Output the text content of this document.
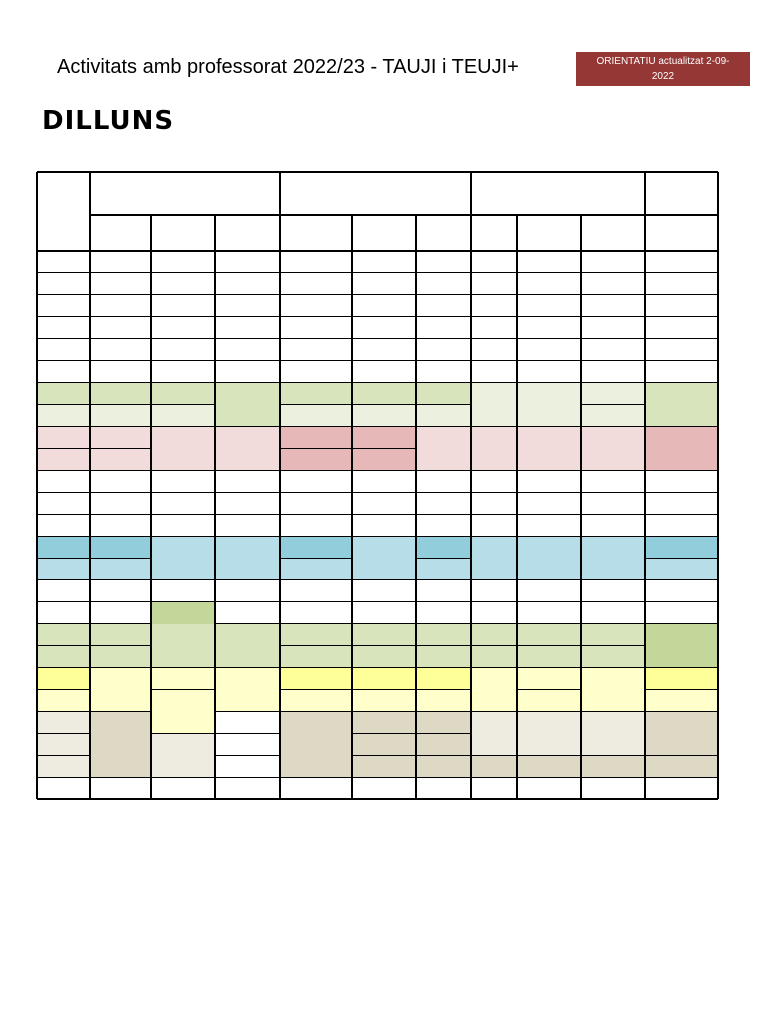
Activitats amb professorat 2022/23 - TAUJI i TEUJI+	ORIENTATIU actualitzat 2-09-
2022
DILLUNS
